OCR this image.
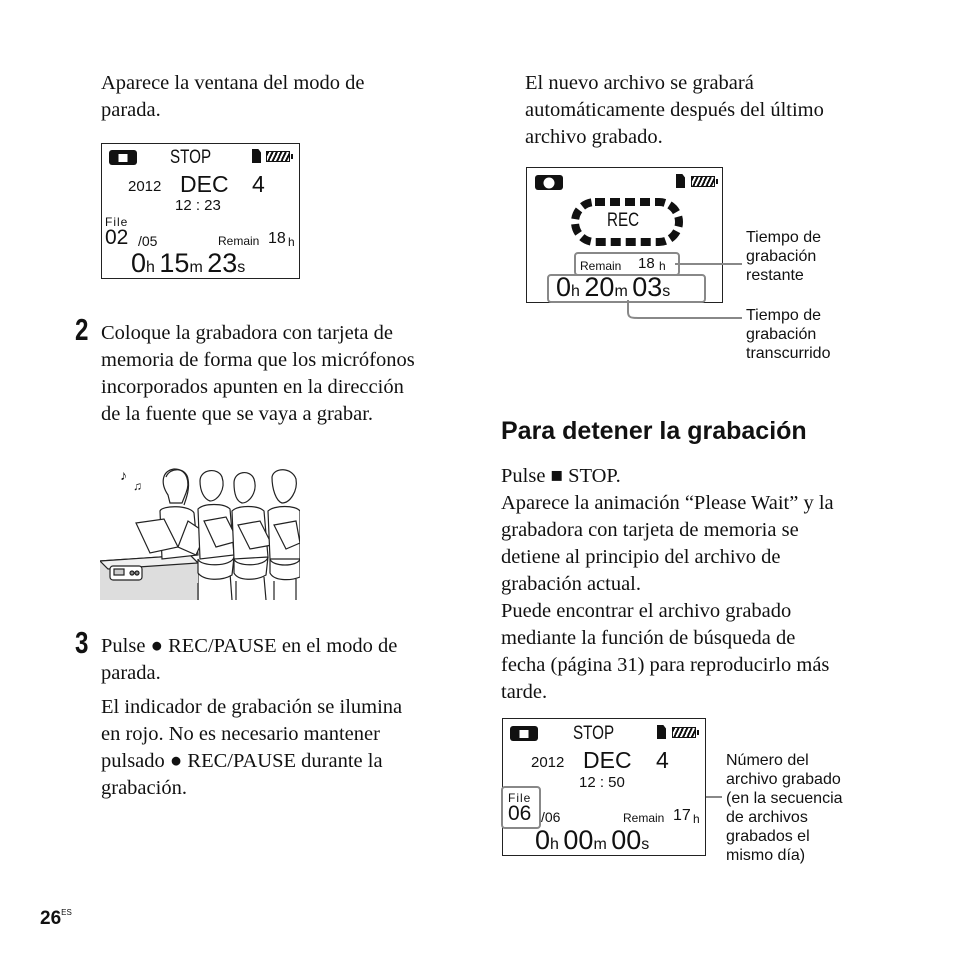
Aparece la ventana del modo de
parada.
STOP
2012 DEC 4
12 : 23
File
02 /05	Remain 18 h
0h 15m 23s
2 Coloque la grabadora con tarjeta de
memoria de forma que los micrófonos
incorporados apunten en la dirección
de la fuente que se vaya a grabar.
♪
♫
3 Pulse ● REC/PAUSE en el modo de
parada.
El indicador de grabación se ilumina
en rojo. No es necesario mantener
pulsado ● REC/PAUSE durante la
grabación.
El nuevo archivo se grabará
automáticamente después del último
archivo grabado.
REC
Remain 18 h
0h 20m 03s
Tiempo de
grabación
restante
Tiempo de
grabación
transcurrido
Para detener la grabación
Pulse ■ STOP.
Aparece la animación “Please Wait” y la
grabadora con tarjeta de memoria se
detiene al principio del archivo de
grabación actual.
Puede encontrar el archivo grabado
mediante la función de búsqueda de
fecha (página 31) para reproducirlo más
tarde.
STOP
2012 DEC 4
12 : 50
File
06 /06	Remain 17 h
0h 00m 00s
Número del
archivo grabado
(en la secuencia
de archivos
grabados el
mismo día)
$26^{ES}$
